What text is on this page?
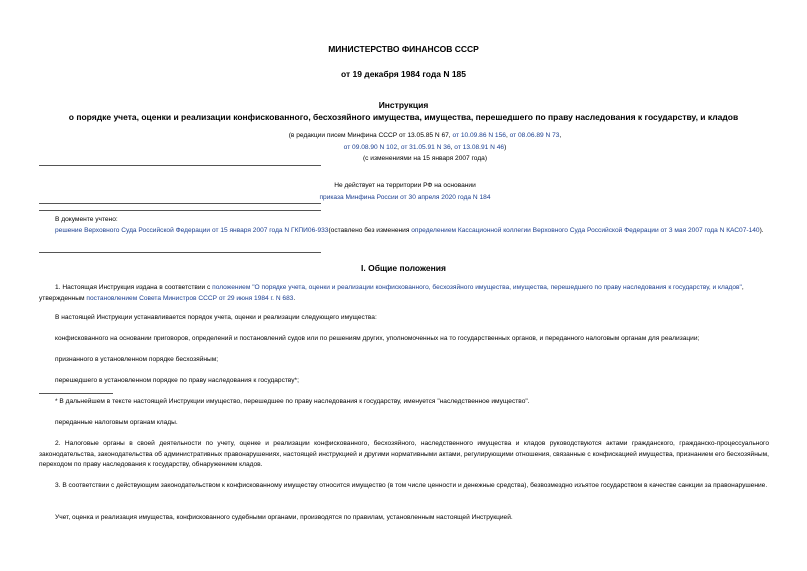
МИНИСТЕРСТВО ФИНАНСОВ СССР
от 19 декабря 1984 года N 185
Инструкция
о порядке учета, оценки и реализации конфискованного, бесхозяйного имущества, имущества, перешедшего по праву наследования к государству, и кладов
(в редакции писем Минфина СССР от 13.05.85 N 67, от 10.09.86 N 156, от 08.06.89 N 73,
от 09.08.90 N 102, от 31.05.91 N 36, от 13.08.91 N 46)
(с изменениями на 15 января 2007 года)
Не действует на территории РФ на основании
приказа Минфина России от 30 апреля 2020 года N 184
В документе учтено:
решение Верховного Суда Российской Федерации от 15 января 2007 года N ГКПИ06-933(оставлено без изменения определением Кассационной коллегии Верховного Суда Российской Федерации от 3 мая 2007 года N КАС07-140).
I. Общие положения
1. Настоящая Инструкция издана в соответствии с положением "О порядке учета, оценки и реализации конфискованного, бесхозяйного имущества, имущества, перешедшего по праву наследования к государству, и кладов", утвержденным постановлением Совета Министров СССР от 29 июня 1984 г. N 683.
В настоящей Инструкции устанавливается порядок учета, оценки и реализации следующего имущества:
конфискованного на основании приговоров, определений и постановлений судов или по решениям других, уполномоченных на то государственных органов, и переданного налоговым органам для реализации;
признанного в установленном порядке бесхозяйным;
перешедшего в установленном порядке по праву наследования к государству*;
* В дальнейшем в тексте настоящей Инструкции имущество, перешедшее по праву наследования к государству, именуется "наследственное имущество".
переданные налоговым органам клады.
2. Налоговые органы в своей деятельности по учету, оценке и реализации конфискованного, бесхозяйного, наследственного имущества и кладов руководствуются актами гражданского, гражданско-процессуального законодательства, законодательства об административных правонарушениях, настоящей инструкцией и другими нормативными актами, регулирующими отношения, связанные с конфискацией имущества, признанием его бесхозяйным, переходом по праву наследования к государству, обнаружением кладов.
3. В соответствии с действующим законодательством к конфискованному имуществу относится имущество (в том числе ценности и денежные средства), безвозмездно изъятое государством в качестве санкции за правонарушение.
Учет, оценка и реализация имущества, конфискованного судебными органами, производятся по правилам, установленным настоящей Инструкцией.
